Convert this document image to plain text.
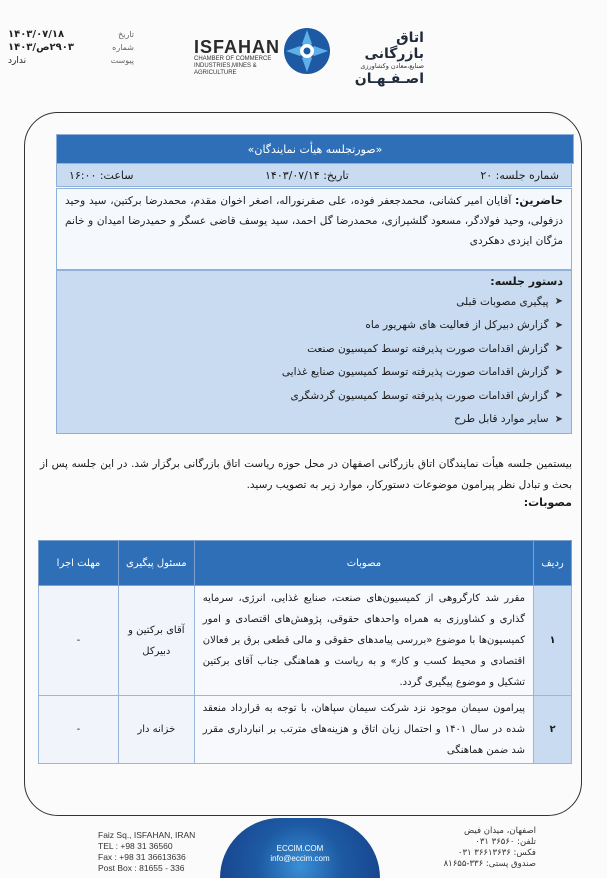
تاریخ
۱۴۰۳/۰۷/۱۸
شماره
۲۹۰۳ص/۱۴۰۳
پیوست
ندارد
ISFAHAN
CHAMBER OF COMMERCE
INDUSTRIES,MINES & AGRICULTURE
اتاق بازرگانی
صنایع،معادن وکشاورزی
اصـفـهـان
«صورتجلسه هیأت نمایندگان»
شماره جلسه: ۲۰
تاریخ: ۱۴۰۳/۰۷/۱۴
ساعت: ۱۶:۰۰
حاضرین: آقایان امیر کشانی، محمدجعفر فوده، علی صفرنوراله، اصغر اخوان مقدم، محمدرضا برکتین، سید وحید دزفولی، وحید فولادگر، مسعود گلشیرازی، محمدرضا گل احمد، سید یوسف قاضی عسگر و حمیدرضا امیدان و خانم مژگان ایزدی دهکردی
دستور جلسه:
➤
پیگیری مصوبات قبلی
➤
گزارش دبیرکل از فعالیت های شهریور ماه
➤
گزارش اقدامات صورت پذیرفته توسط کمیسیون صنعت
➤
گزارش اقدامات صورت پذیرفته توسط کمیسیون صنایع غذایی
➤
گزارش اقدامات صورت پذیرفته توسط کمیسیون گردشگری
➤
سایر موارد قابل طرح
بیستمین جلسه هیأت نمایندگان اتاق بازرگانی اصفهان در محل حوزه ریاست اتاق بازرگانی برگزار شد. در این جلسه پس از بحث و تبادل نظر پیرامون موضوعات دستورکار، موارد زیر به تصویب رسید.
مصوبات:
ردیف	مصوبات	مسئول پیگیری	مهلت اجرا
۱	مقرر شد کارگروهی از کمیسیون‌های صنعت، صنایع غذایی، انرژی، سرمایه گذاری و کشاورزی به همراه واحدهای حقوقی، پژوهش‌های اقتصادی و امور کمیسیون‌ها با موضوع «بررسی پیامدهای حقوقی و مالی قطعی برق بر فعالان اقتصادی و محیط کسب و کار» و به ریاست و هماهنگی جناب آقای برکتین تشکیل و موضوع پیگیری گردد.	آقای برکتین و دبیرکل	-
۲	پیرامون سیمان موجود نزد شرکت سیمان سپاهان، با توجه به قرارداد منعقد شده در سال ۱۴۰۱ و احتمال زیان اتاق و هزینه‌های مترتب بر انبارداری مقرر شد ضمن هماهنگی	خزانه دار	-
Faiz Sq., ISFAHAN, IRAN
TEL : +98 31 36560
Fax : +98 31 36613636
Post Box : 81655 - 336
ECCIM.COM
info@eccim.com
اصفهان، میدان فیض
تلفن: ۳۶۵۶۰ ۰۳۱
فکس: ۳۶۶۱۳۶۳۶ ۰۳۱
صندوق پستی: ۳۳۶-۸۱۶۵۵
